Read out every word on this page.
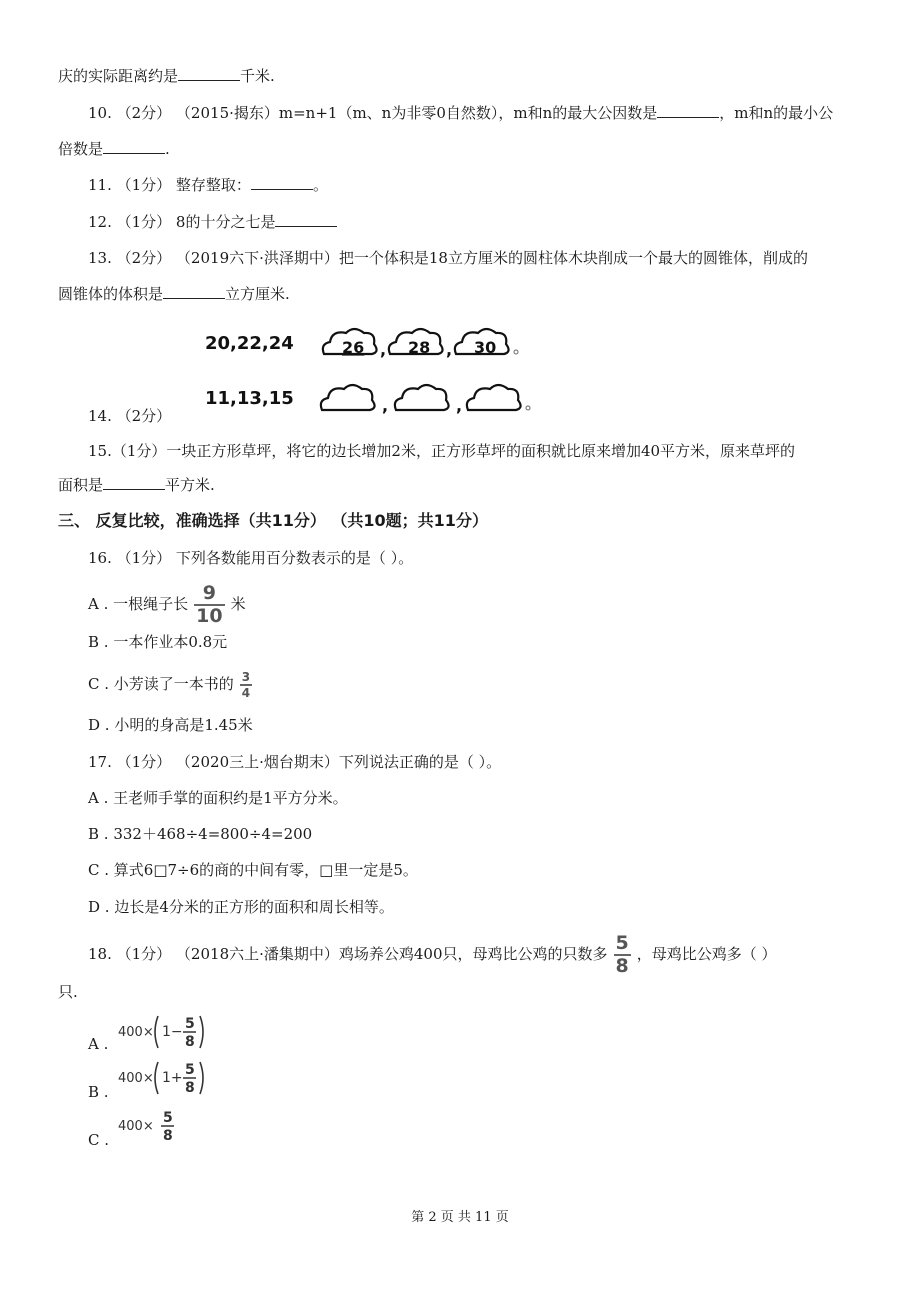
庆的实际距离约是	千米.
10. （2分） （2015·揭东）m=n+1（m、n为非零0自然数），m和n的最大公因数是	，m和n的最小公
倍数是	.
11. （1分） 整存整取：	。
12. （1分） 8的十分之七是
13. （2分） （2019六下·洪泽期中）把一个体积是18立方厘米的圆柱体木块削成一个最大的圆锥体，削成的
圆锥体的体积是	立方厘米.
20,22,24
11,13,15
26 , 28 , 30
,	,
14. （2分）
15.（1分）一块正方形草坪，将它的边长增加2米，正方形草坪的面积就比原来增加40平方米，原来草坪的
面积是	平方米.
三、 反复比较，准确选择（共11分） （共10题；共11分）
16. （1分） 下列各数能用百分数表示的是（ ）。
A . 一根绳子长 $\frac{9}{10}$ 米
B . 一本作业本0.8元
C . 小芳读了一本书的 $\frac{3}{4}$
D . 小明的身高是1.45米
17. （1分） （2020三上·烟台期末）下列说法正确的是（ ）。
A . 王老师手掌的面积约是1平方分米。
B . 332＋468÷4=800÷4=200
C . 算式6□7÷6的商的中间有零，□里一定是5。
D . 边长是4分米的正方形的面积和周长相等。
18. （1分） （2018六上·潘集期中）鸡场养公鸡400只，母鸡比公鸡的只数多 $\frac{5}{8}$ ，母鸡比公鸡多（ ）
只.
A .
400× 1− 5
8
B .
400× 1+ 5
8
C .
400×
5
8
第 2 页 共 11 页
